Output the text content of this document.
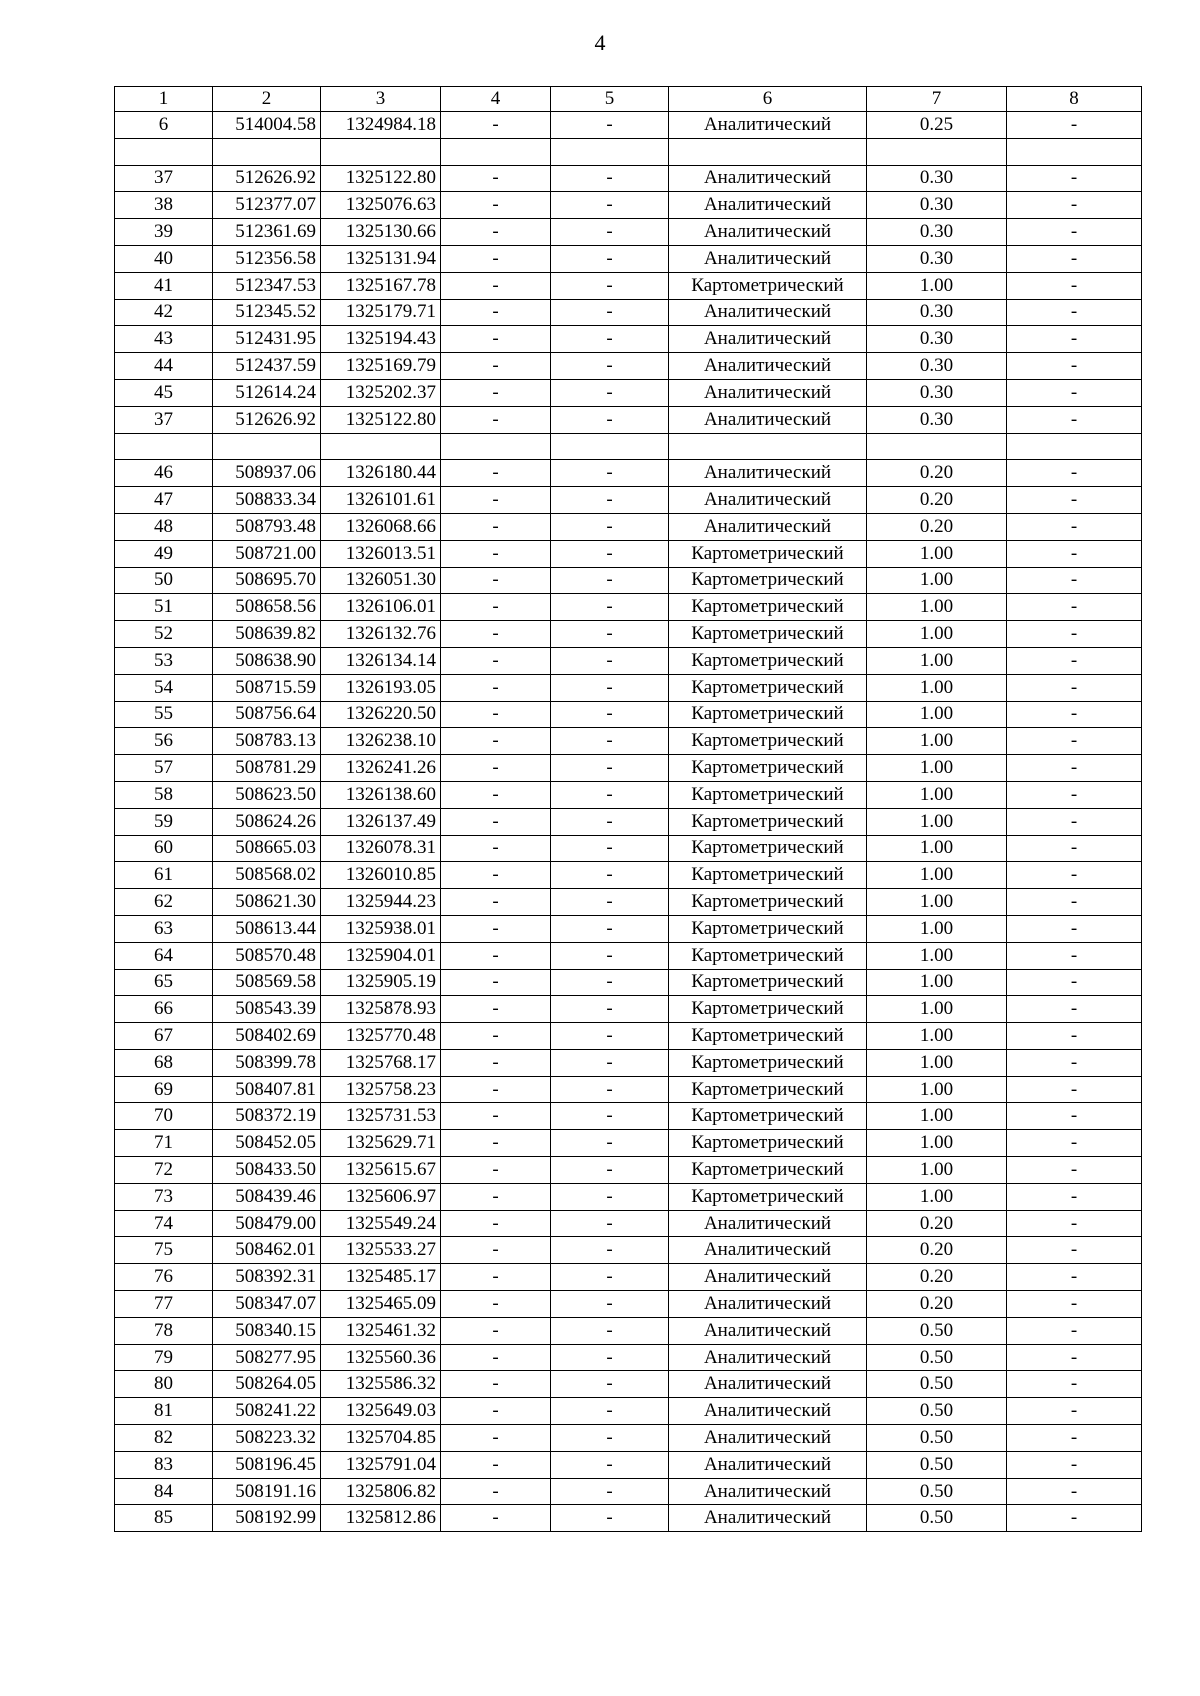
4
1	2	3	4	5	6	7	8
6	514004.58	1324984.18	-	-	Аналитический	0.25	-

37	512626.92	1325122.80	-	-	Аналитический	0.30	-
38	512377.07	1325076.63	-	-	Аналитический	0.30	-
39	512361.69	1325130.66	-	-	Аналитический	0.30	-
40	512356.58	1325131.94	-	-	Аналитический	0.30	-
41	512347.53	1325167.78	-	-	Картометрический	1.00	-
42	512345.52	1325179.71	-	-	Аналитический	0.30	-
43	512431.95	1325194.43	-	-	Аналитический	0.30	-
44	512437.59	1325169.79	-	-	Аналитический	0.30	-
45	512614.24	1325202.37	-	-	Аналитический	0.30	-
37	512626.92	1325122.80	-	-	Аналитический	0.30	-

46	508937.06	1326180.44	-	-	Аналитический	0.20	-
47	508833.34	1326101.61	-	-	Аналитический	0.20	-
48	508793.48	1326068.66	-	-	Аналитический	0.20	-
49	508721.00	1326013.51	-	-	Картометрический	1.00	-
50	508695.70	1326051.30	-	-	Картометрический	1.00	-
51	508658.56	1326106.01	-	-	Картометрический	1.00	-
52	508639.82	1326132.76	-	-	Картометрический	1.00	-
53	508638.90	1326134.14	-	-	Картометрический	1.00	-
54	508715.59	1326193.05	-	-	Картометрический	1.00	-
55	508756.64	1326220.50	-	-	Картометрический	1.00	-
56	508783.13	1326238.10	-	-	Картометрический	1.00	-
57	508781.29	1326241.26	-	-	Картометрический	1.00	-
58	508623.50	1326138.60	-	-	Картометрический	1.00	-
59	508624.26	1326137.49	-	-	Картометрический	1.00	-
60	508665.03	1326078.31	-	-	Картометрический	1.00	-
61	508568.02	1326010.85	-	-	Картометрический	1.00	-
62	508621.30	1325944.23	-	-	Картометрический	1.00	-
63	508613.44	1325938.01	-	-	Картометрический	1.00	-
64	508570.48	1325904.01	-	-	Картометрический	1.00	-
65	508569.58	1325905.19	-	-	Картометрический	1.00	-
66	508543.39	1325878.93	-	-	Картометрический	1.00	-
67	508402.69	1325770.48	-	-	Картометрический	1.00	-
68	508399.78	1325768.17	-	-	Картометрический	1.00	-
69	508407.81	1325758.23	-	-	Картометрический	1.00	-
70	508372.19	1325731.53	-	-	Картометрический	1.00	-
71	508452.05	1325629.71	-	-	Картометрический	1.00	-
72	508433.50	1325615.67	-	-	Картометрический	1.00	-
73	508439.46	1325606.97	-	-	Картометрический	1.00	-
74	508479.00	1325549.24	-	-	Аналитический	0.20	-
75	508462.01	1325533.27	-	-	Аналитический	0.20	-
76	508392.31	1325485.17	-	-	Аналитический	0.20	-
77	508347.07	1325465.09	-	-	Аналитический	0.20	-
78	508340.15	1325461.32	-	-	Аналитический	0.50	-
79	508277.95	1325560.36	-	-	Аналитический	0.50	-
80	508264.05	1325586.32	-	-	Аналитический	0.50	-
81	508241.22	1325649.03	-	-	Аналитический	0.50	-
82	508223.32	1325704.85	-	-	Аналитический	0.50	-
83	508196.45	1325791.04	-	-	Аналитический	0.50	-
84	508191.16	1325806.82	-	-	Аналитический	0.50	-
85	508192.99	1325812.86	-	-	Аналитический	0.50	-
